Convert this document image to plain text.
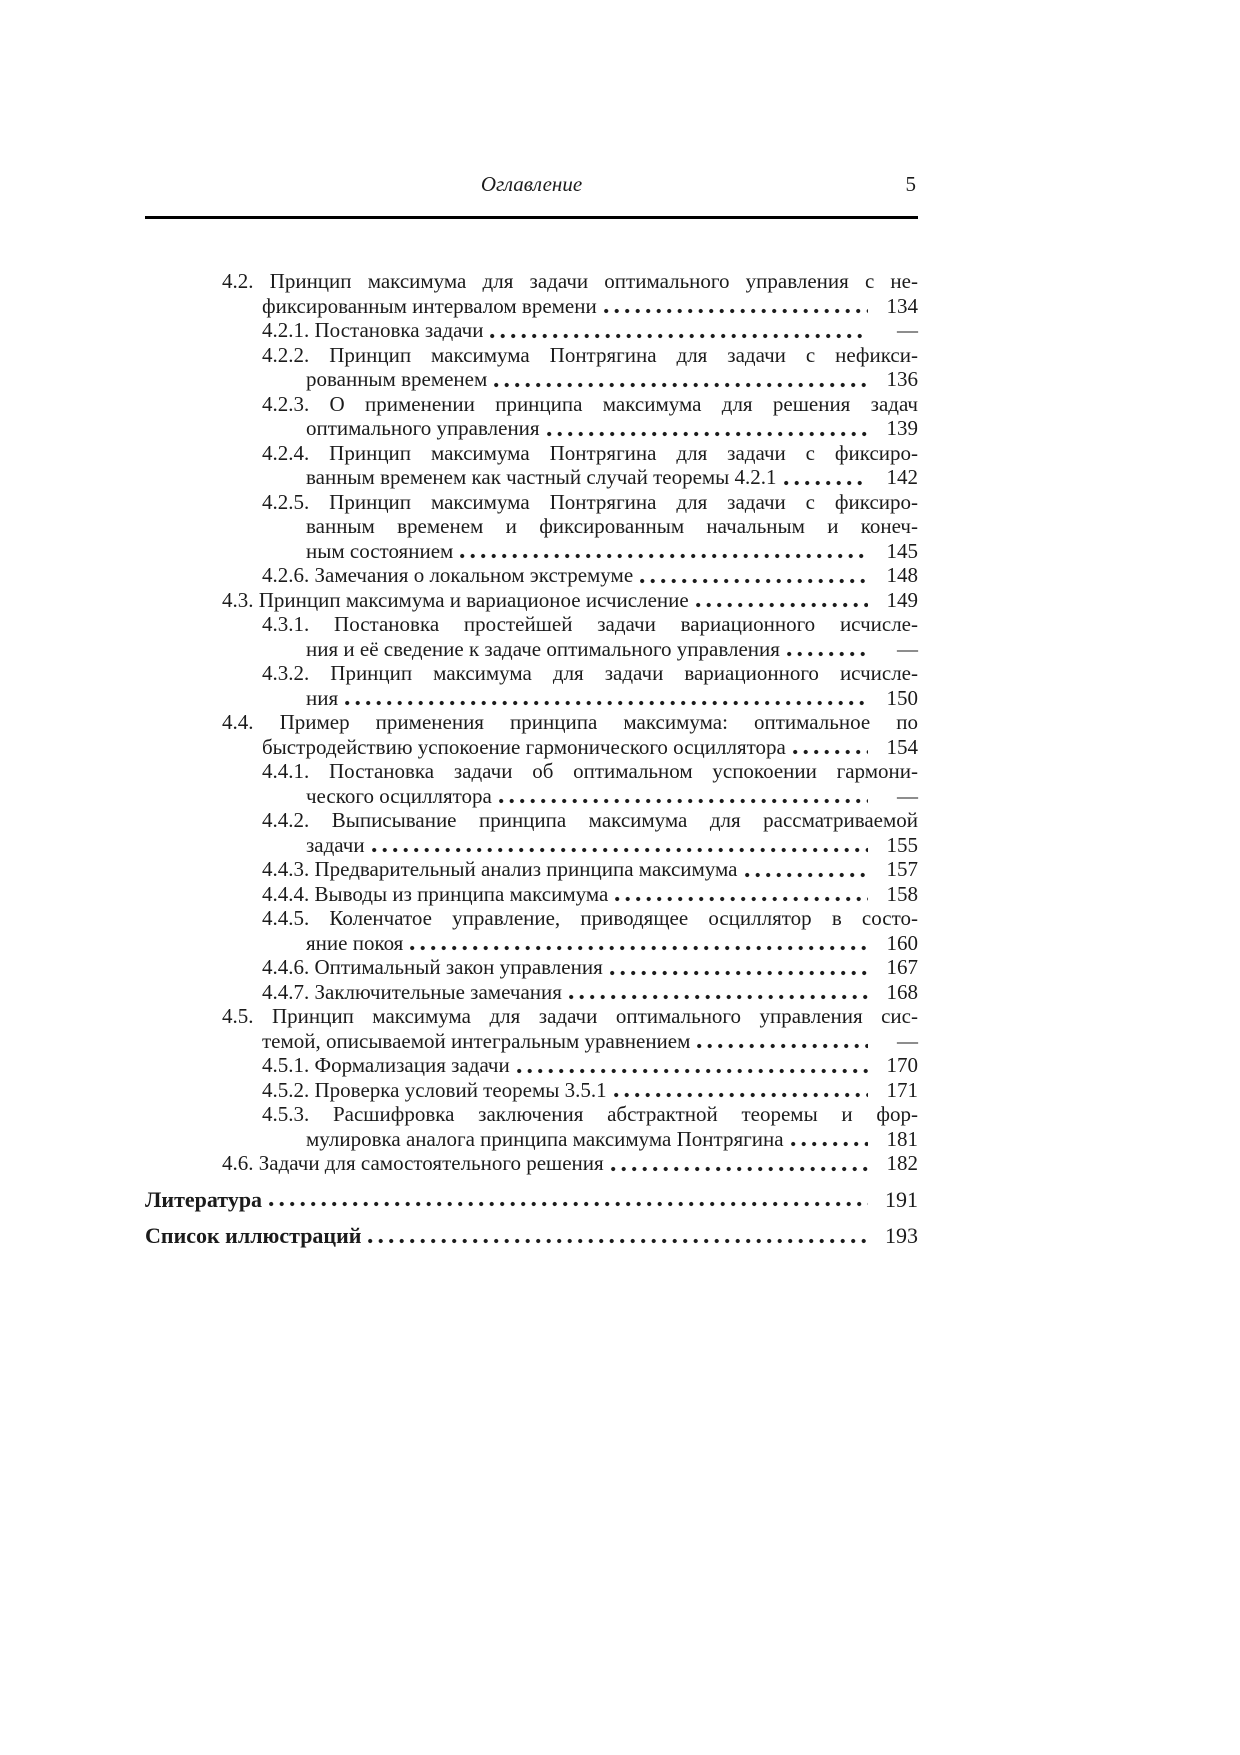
Оглавление	5
4.2. Принцип максимума для задачи оптимального управления с не-
фиксированным интервалом времени	134
4.2.1. Постановка задачи	—
4.2.2. Принцип максимума Понтрягина для задачи с нефикси-
рованным временем	136
4.2.3. О применении принципа максимума для решения задач
оптимального управления	139
4.2.4. Принцип максимума Понтрягина для задачи с фиксиро-
ванным временем как частный случай теоремы 4.2.1	142
4.2.5. Принцип максимума Понтрягина для задачи с фиксиро-
ванным временем и фиксированным начальным и конеч-
ным состоянием	145
4.2.6. Замечания о локальном экстремуме	148
4.3. Принцип максимума и вариационое исчисление	149
4.3.1. Постановка простейшей задачи вариационного исчисле-
ния и её сведение к задаче оптимального управления	—
4.3.2. Принцип максимума для задачи вариационного исчисле-
ния	150
4.4. Пример применения принципа максимума: оптимальное по
быстродействию успокоение гармонического осциллятора	154
4.4.1. Постановка задачи об оптимальном успокоении гармони-
ческого осциллятора	—
4.4.2. Выписывание принципа максимума для рассматриваемой
задачи	155
4.4.3. Предварительный анализ принципа максимума	157
4.4.4. Выводы из принципа максимума	158
4.4.5. Коленчатое управление, приводящее осциллятор в состо-
яние покоя	160
4.4.6. Оптимальный закон управления	167
4.4.7. Заключительные замечания	168
4.5. Принцип максимума для задачи оптимального управления сис-
темой, описываемой интегральным уравнением	—
4.5.1. Формализация задачи	170
4.5.2. Проверка условий теоремы 3.5.1	171
4.5.3. Расшифровка заключения абстрактной теоремы и фор-
мулировка аналога принципа максимума Понтрягина	181
4.6. Задачи для самостоятельного решения	182
Литература	191
Список иллюстраций	193
